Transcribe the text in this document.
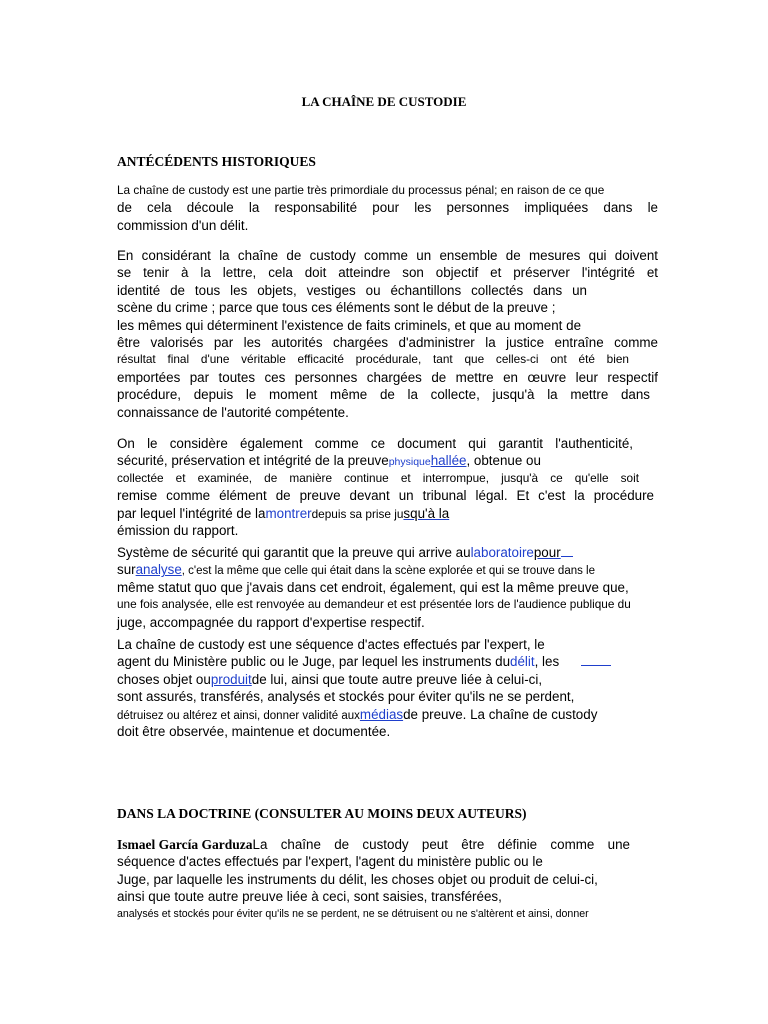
LA CHAÎNE DE CUSTODIE
ANTÉCÉDENTS HISTORIQUES
La chaîne de custody est une partie très primordiale du processus pénal; en raison de ce que
de cela découle la responsabilité pour les personnes impliquées dans le
commission d'un délit.
En considérant la chaîne de custody comme un ensemble de mesures qui doivent
se tenir à la lettre, cela doit atteindre son objectif et préserver l'intégrité et
identité de tous les objets, vestiges ou échantillons collectés dans un
scène du crime ; parce que tous ces éléments sont le début de la preuve ;
les mêmes qui déterminent l'existence de faits criminels, et que au moment de
être valorisés par les autorités chargées d'administrer la justice entraîne comme
résultat final d'une véritable efficacité procédurale, tant que celles-ci ont été bien
emportées par toutes ces personnes chargées de mettre en œuvre leur respectif
procédure, depuis le moment même de la collecte, jusqu'à la mettre dans
connaissance de l'autorité compétente.
On le considère également comme ce document qui garantit l'authenticité,
sécurité, préservation et intégrité de la preuvephysiquehallée, obtenue ou
collectée et examinée, de manière continue et interrompue, jusqu'à ce qu'elle soit
remise comme élément de preuve devant un tribunal légal. Et c'est la procédure
par lequel l'intégrité de lamontrerdepuis sa prise jusqu'à la
émission du rapport.
Système de sécurité qui garantit que la preuve qui arrive aulaboratoirepour
suranalyse, c'est la même que celle qui était dans la scène explorée et qui se trouve dans le
même statut quo que j'avais dans cet endroit, également, qui est la même preuve que,
une fois analysée, elle est renvoyée au demandeur et est présentée lors de l'audience publique du
juge, accompagnée du rapport d'expertise respectif.
La chaîne de custody est une séquence d'actes effectués par l'expert, le
agent du Ministère public ou le Juge, par lequel les instruments dudélit, les
choses objet ouproduitde lui, ainsi que toute autre preuve liée à celui-ci,
sont assurés, transférés, analysés et stockés pour éviter qu'ils ne se perdent,
détruisez ou altérez et ainsi, donner validité auxmédiasde preuve. La chaîne de custody
doit être observée, maintenue et documentée.
DANS LA DOCTRINE (CONSULTER AU MOINS DEUX AUTEURS)
Ismael García Garduza La chaîne de custody peut être définie comme une
séquence d'actes effectués par l'expert, l'agent du ministère public ou le
Juge, par laquelle les instruments du délit, les choses objet ou produit de celui-ci,
ainsi que toute autre preuve liée à ceci, sont saisies, transférées,
analysés et stockés pour éviter qu'ils ne se perdent, ne se détruisent ou ne s'altèrent et ainsi, donner
